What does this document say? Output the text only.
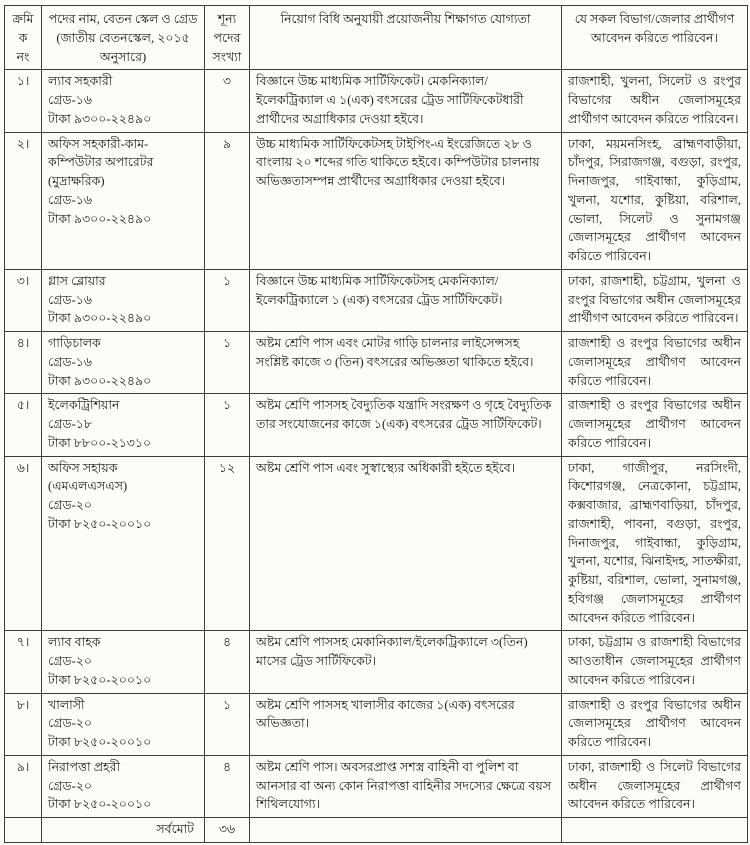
ক্রমিক নং	পদের নাম, বেতন স্কেল ও গ্রেড (জাতীয় বেতনস্কেল, ২০১৫ অনুসারে)	শূন্য পদের সংখ্যা	নিয়োগ বিধি অনুযায়ী প্রয়োজনীয় শিক্ষাগত যোগ্যতা	যে সকল বিভাগ/জেলার প্রার্থীগণ আবেদন করিতে পারিবেন।
১।	ল্যাব সহকারী
গ্রেড-১৬
টাকা ৯৩০০-২২৪৯০	৩	বিজ্ঞানে উচ্চ মাধ্যমিক সার্টিফিকেট। মেকনিক্যাল/ইলেকট্রিক্যাল এ ১(এক) বৎসরের ট্রেড সার্টিফিকেটধারী প্রার্থীদের অগ্রাধিকার দেওয়া হইবে।	রাজশাহী, খুলনা, সিলেট ও রংপুর বিভাগের অধীন জেলাসমূহের প্রার্থীগণ আবেদন করিতে পারিবেন।
২।	অফিস সহকারী-কাম-কম্পিউটার অপারেটর (মুদ্রাক্ষরিক)
গ্রেড-১৬
টাকা ৯৩০০-২২৪৯০
	৯	উচ্চ মাধ্যমিক সার্টিফিকেটসহ টাইপিং-এ ইংরেজিতে ২৮ ও বাংলায় ২০ শব্দের গতি থাকিতে হইবে। কম্পিউটার চালনায় অভিজ্ঞতাসম্পন্ন প্রার্থীদের অগ্রাধিকার দেওয়া হইবে।	ঢাকা, ময়মনসিংহ, ব্রাহ্মণবাড়ীয়া, চাঁদপুর, সিরাজগঞ্জ, বগুড়া, রংপুর, দিনাজপুর, গাইবান্ধা, কুড়িগ্রাম, খুলনা, যশোর, কুষ্টিয়া, বরিশাল, ভোলা, সিলেট ও সুনামগঞ্জ জেলাসমূহের প্রার্থীগণ আবেদন করিতে পারিবেন।
৩।	গ্লাস ব্লোয়ার
গ্রেড-১৬
টাকা ৯৩০০-২২৪৯০	১	বিজ্ঞানে উচ্চ মাধ্যমিক সার্টিফিকেটসহ মেকনিক্যাল/ইলেকট্রিক্যালে ১ (এক) বৎসরের ট্রেড সার্টিফিকেট।	ঢাকা, রাজশাহী, চট্টগ্রাম, খুলনা ও রংপুর বিভাগের অধীন জেলাসমূহের প্রার্থীগণ আবেদন করিতে পারিবেন।
৪।	গাড়িচালক
গ্রেড-১৬
টাকা ৯৩০০-২২৪৯০	১	অষ্টম শ্রেণি পাস এবং মোটর গাড়ি চালনার লাইসেন্সসহ সংশ্লিষ্ট কাজে ৩ (তিন) বৎসরের অভিজ্ঞতা থাকিতে হইবে।	রাজশাহী ও রংপুর বিভাগের অধীন জেলাসমূহের প্রার্থীগণ আবেদন করিতে পারিবেন।
৫।	ইলেকট্রিশিয়ান
গ্রেড-১৮
টাকা ৮৮০০-২১৩১০	১	অষ্টম শ্রেণি পাসসহ বৈদ্যুতিক যন্ত্রাদি সংরক্ষণ ও গৃহে বৈদ্যুতিক তার সংযোজনের কাজে ১(এক) বৎসরের ট্রেড সার্টিফিকেট।	রাজশাহী ও রংপুর বিভাগের অধীন জেলাসমূহের প্রার্থীগণ আবেদন করিতে পারিবেন।
৬।	অফিস সহায়ক (এমএলএসএস)
গ্রেড-২০
টাকা ৮২৫০-২০০১০
	১২	অষ্টম শ্রেণি পাস এবং সুস্বাস্থ্যের অধিকারী হইতে হইবে।	ঢাকা, গাজীপুর, নরসিংদী, কিশোরগঞ্জ, নেত্রকোনা, চট্টগ্রাম, কক্সবাজার, ব্রাহ্মণবাড়িয়া, চাঁদপুর, রাজশাহী, পাবনা, বগুড়া, রংপুর, দিনাজপুর, গাইবান্ধা, কুড়িগ্রাম, খুলনা, যশোর, ঝিনাইদহ, সাতক্ষীরা, কুষ্টিয়া, বরিশাল, ভোলা, সুনামগঞ্জ, হবিগঞ্জ জেলাসমূহের প্রার্থীগণ আবেদন করিতে পারিবেন।
৭।	ল্যাব বাহক
গ্রেড-২০
টাকা ৮২৫০-২০০১০	৪	অষ্টম শ্রেণি পাসসহ মেকানিক্যাল/ইলেকট্রিক্যালে ৩(তিন) মাসের ট্রেড সার্টিফিকেট।	ঢাকা, চট্টগ্রাম ও রাজশাহী বিভাগের আওতাধীন জেলাসমূহের প্রার্থীগণ আবেদন করিতে পারিবেন।
৮।	খালাসী
গ্রেড-২০
টাকা ৮২৫০-২০০১০	১	অষ্টম শ্রেণি পাসসহ খালাসীর কাজের ১(এক) বৎসরের অভিজ্ঞতা।	রাজশাহী ও রংপুর বিভাগের অধীন জেলাসমূহের প্রার্থীগণ আবেদন করিতে পারিবেন।
৯।	নিরাপত্তা প্রহরী
গ্রেড-২০
টাকা ৮২৫০-২০০১০	৪	অষ্টম শ্রেণি পাস। অবসরপ্রাপ্ত সশস্ত্র বাহিনী বা পুলিশ বা আনসার বা অন্য কোন নিরাপত্তা বাহিনীর সদস্যের ক্ষেত্রে বয়স শিথিলযোগ্য।	ঢাকা, রাজশাহী ও সিলেট বিভাগের অধীন জেলাসমূহের প্রার্থীগণ আবেদন করিতে পারিবেন।
	সর্বমোট	৩৬		
